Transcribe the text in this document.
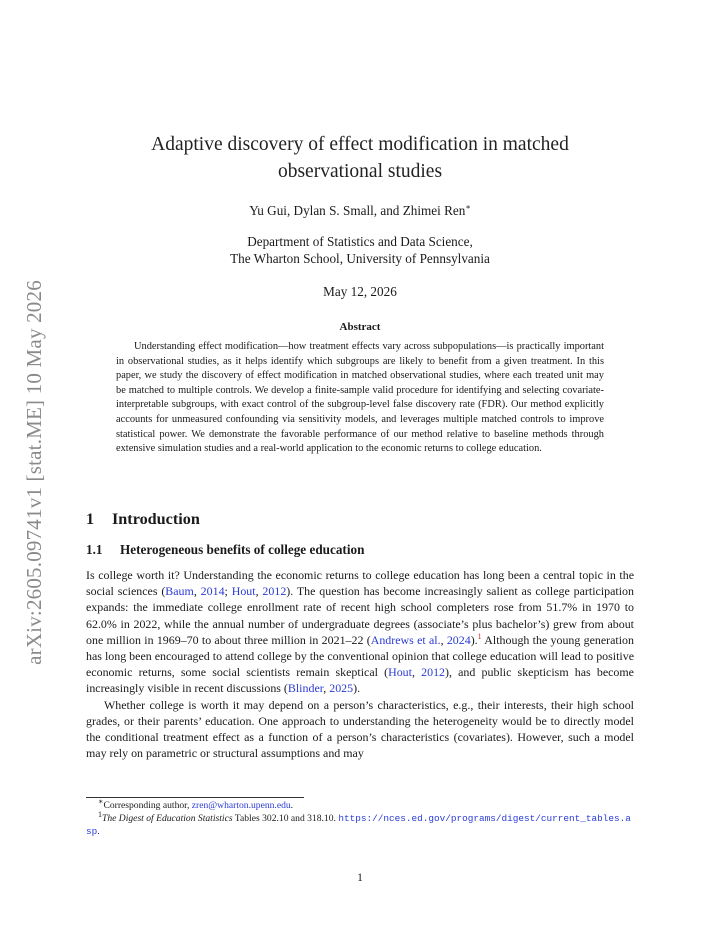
arXiv:2605.09741v1 [stat.ME] 10 May 2026
Adaptive discovery of effect modification in matched
observational studies
Yu Gui, Dylan S. Small, and Zhimei Ren∗
Department of Statistics and Data Science,
The Wharton School, University of Pennsylvania
May 12, 2026
Abstract
Understanding effect modification—how treatment effects vary across subpopulations—is practically important in observational studies, as it helps identify which subgroups are likely to benefit from a given treatment. In this paper, we study the discovery of effect modification in matched observational studies, where each treated unit may be matched to multiple controls. We develop a finite-sample valid procedure for identifying and selecting covariate-interpretable subgroups, with exact control of the subgroup-level false discovery rate (FDR). Our method explicitly accounts for unmeasured confounding via sensitivity models, and leverages multiple matched controls to improve statistical power. We demonstrate the favorable performance of our method relative to baseline methods through extensive simulation studies and a real-world application to the economic returns to college education.
1 Introduction
1.1 Heterogeneous benefits of college education

Is college worth it? Understanding the economic returns to college education has long been a central topic in the social sciences (Baum, 2014; Hout, 2012). The question has become increasingly salient as college participation expands: the immediate college enrollment rate of recent high school completers rose from 51.7% in 1970 to 62.0% in 2022, while the annual number of undergraduate degrees (associate’s plus bachelor’s) grew from about one million in 1969–70 to about three million in 2021–22 (Andrews et al., 2024).$^1$ Although the young generation has long been encouraged to attend college by the conventional opinion that college education will lead to positive economic returns, some social scientists remain skeptical (Hout, 2012), and public skepticism has become increasingly visible in recent discussions (Blinder, 2025).

Whether college is worth it may depend on a person’s characteristics, e.g., their interests, their high school grades, or their parents’ education. One approach to understanding the heterogeneity would be to directly model the conditional treatment effect as a function of a person’s characteristics (covariates). However, such a model may rely on parametric or structural assumptions and may

∗Corresponding author, zren@wharton.upenn.edu.

$^1$The Digest of Education Statistics Tables 302.10 and 318.10. https://nces.ed.gov/programs/digest/current_tables.asp.

1
